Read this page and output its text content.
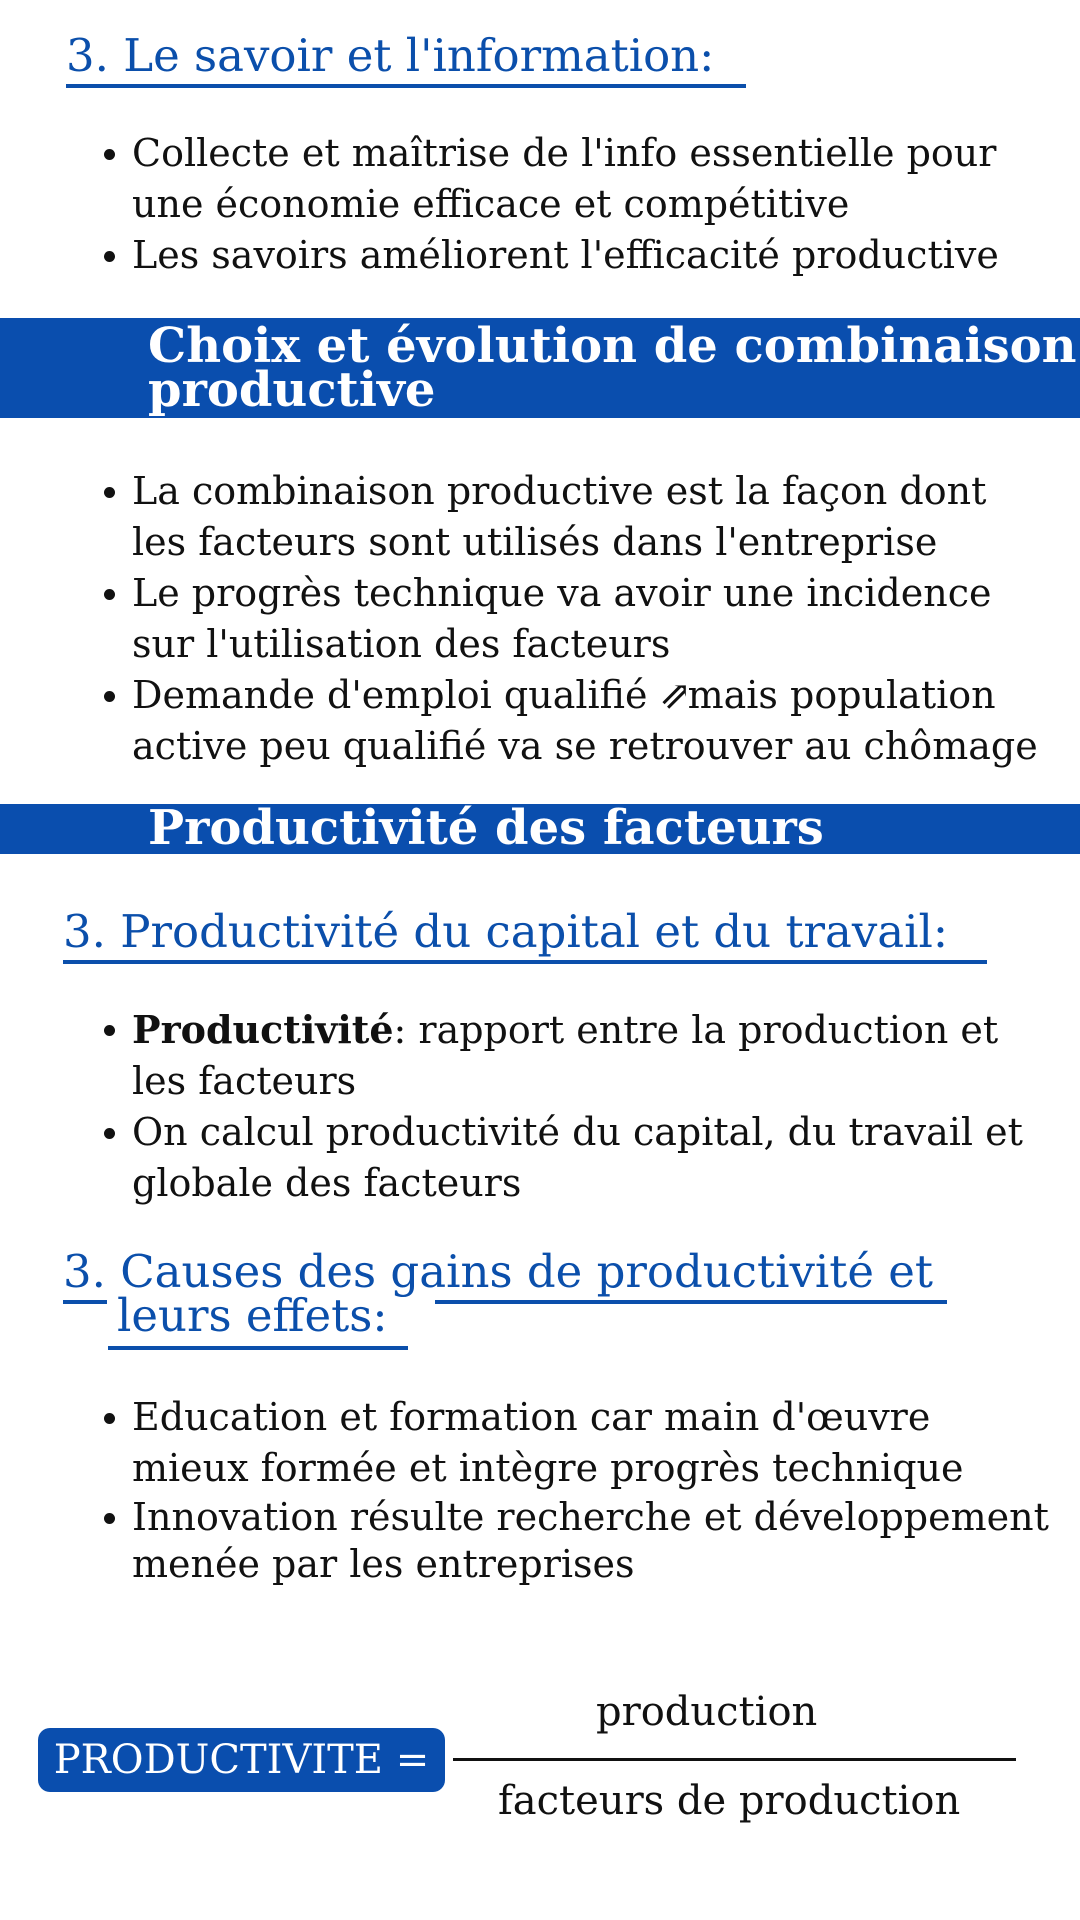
3. Le savoir et l'information:
Collecte et maîtrise de l'info essentielle pour
une économie efficace et compétitive
Les savoirs améliorent l'efficacité productive

Choix et évolution de combinaison
productive

La combinaison productive est la façon dont
les facteurs sont utilisés dans l'entreprise
Le progrès technique va avoir une incidence
sur l'utilisation des facteurs
Demande d'emploi qualifié ⇗mais population
active peu qualifié va se retrouver au chômage

Productivité des facteurs

3. Productivité du capital et du travail:
Productivité: rapport entre la production et
les facteurs
On calcul productivité du capital, du travail et
globale des facteurs
3. Causes des gains de productivité et
leurs effets:
Education et formation car main d'œuvre
mieux formée et intègre progrès technique
Innovation résulte recherche et développement
menée par les entreprises
PRODUCTIVITE =
production
facteurs de production
